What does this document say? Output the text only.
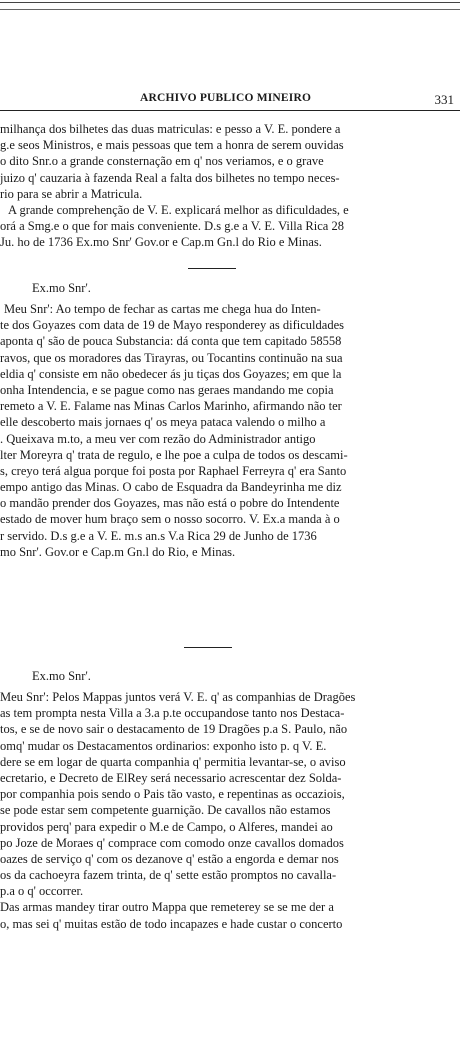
ARCHIVO PUBLICO MINEIRO	331
milhança dos bilhetes das duas matriculas: e pesso a V. E. pondere a
g.e seos Ministros, e mais pessoas que tem a honra de serem ouvidas
o dito Snr.o a grande consternação em q' nos veriamos, e o grave
juizo q' cauzaria à fazenda Real a falta dos bilhetes no tempo neces-
rio para se abrir a Matricula.
A grande comprehenção de V. E. explicará melhor as dificuldades, e
orá a Smg.e o que for mais conveniente. D.s g.e a V. E. Villa Rica 28
Ju. ho de 1736 Ex.mo Snr' Gov.or e Cap.m Gn.l do Rio e Minas.
Ex.mo Snr'.
Meu Snr': Ao tempo de fechar as cartas me chega hua do Inten-
te dos Goyazes com data de 19 de Mayo responderey as dificuldades
aponta q' são de pouca Substancia: dá conta que tem capitado 58558
ravos, que os moradores das Tirayras, ou Tocantins continuão na sua
eldia q' consiste em não obedecer ás ju tiças dos Goyazes; em que la
onha Intendencia, e se pague como nas geraes mandando me copia
remeto a V. E. Falame nas Minas Carlos Marinho, afirmando não ter
elle descoberto mais jornaes q' os meya pataca valendo o milho a
. Queixava m.to, a meu ver com rezão do Administrador antigo
lter Moreyra q' trata de regulo, e lhe poe a culpa de todos os descami-
s, creyo terá algua porque foi posta por Raphael Ferreyra q' era Santo
empo antigo das Minas. O cabo de Esquadra da Bandeyrinha me diz
o mandão prender dos Goyazes, mas não está o pobre do Intendente
estado de mover hum braço sem o nosso socorro. V. Ex.a manda à o
r servido. D.s g.e a V. E. m.s an.s V.a Rica 29 de Junho de 1736
mo Snr'. Gov.or e Cap.m Gn.l do Rio, e Minas.
Ex.mo Snr'.
Meu Snr': Pelos Mappas juntos verá V. E. q' as companhias de Dragões
as tem prompta nesta Villa a 3.a p.te occupandose tanto nos Destaca-
tos, e se de novo sair o destacamento de 19 Dragões p.a S. Paulo, não
omq' mudar os Destacamentos ordinarios: exponho isto p. q V. E.
dere se em logar de quarta companhia q' permitia levantar-se, o aviso
ecretario, e Decreto de ElRey será necessario acrescentar dez Solda-
por companhia pois sendo o Pais tão vasto, e repentinas as occaziois,
se pode estar sem competente guarnição. De cavallos não estamos
providos perq' para expedir o M.e de Campo, o Alferes, mandei ao
po Joze de Moraes q' comprace com comodo onze cavallos domados
oazes de serviço q' com os dezanove q' estão a engorda e demar nos
os da cachoeyra fazem trinta, de q' sette estão promptos no cavalla-
p.a o q' occorrer.
Das armas mandey tirar outro Mappa que remeterey se se me der a
o, mas sei q' muitas estão de todo incapazes e hade custar o concerto
